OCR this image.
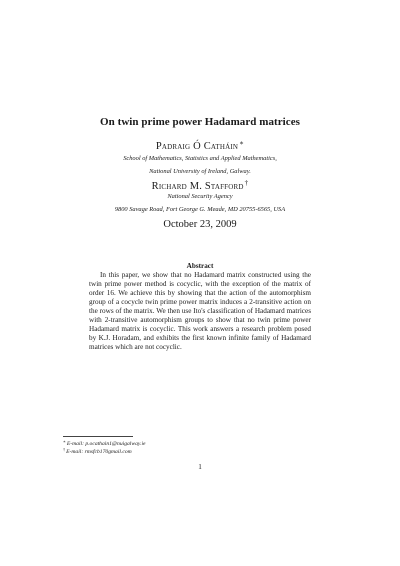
On twin prime power Hadamard matrices
Padraig Ó Catháin∗
School of Mathematics, Statistics and Applied Mathematics,
National University of Ireland, Galway.
Richard M. Stafford†
National Security Agency
9800 Savage Road, Fort George G. Meade, MD 20755-6565, USA
October 23, 2009
Abstract
In this paper, we show that no Hadamard matrix constructed using the twin prime power method is cocyclic, with the exception of the matrix of order 16. We achieve this by showing that the action of the automorphism group of a cocycle twin prime power matrix induces a 2-transitive action on the rows of the matrix. We then use Ito's classification of Hadamard matrices with 2-transitive automorphism groups to show that no twin prime power Hadamard matrix is cocyclic. This work answers a research problem posed by K.J. Horadam, and exhibits the first known infinite family of Hadamard matrices which are not cocyclic.
∗E-mail: p.ocathain1@nuigalway.ie
†E-mail: rmsfcb170gmail.com
1
